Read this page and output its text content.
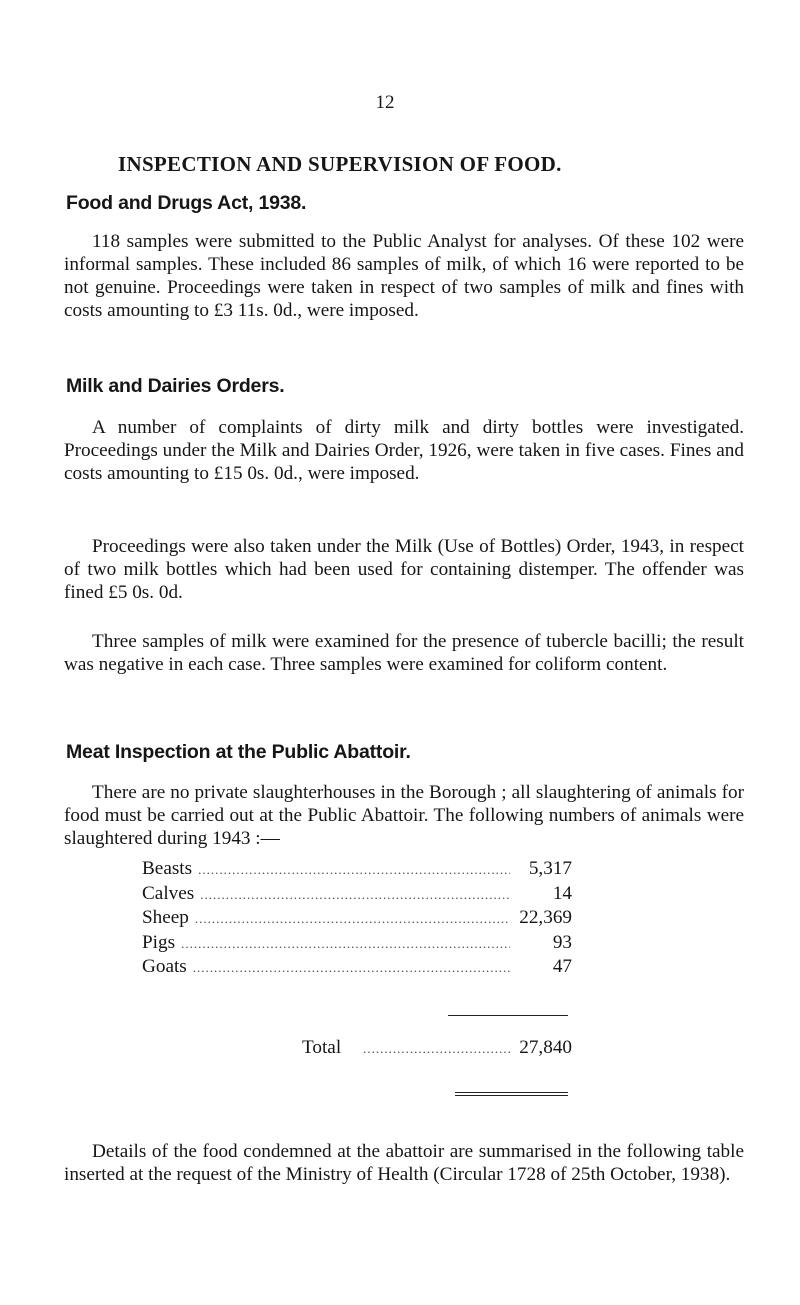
12
INSPECTION AND SUPERVISION OF FOOD.
Food and Drugs Act, 1938.

118 samples were submitted to the Public Analyst for analyses. Of these 102 were informal samples. These included 86 samples of milk, of which 16 were reported to be not genuine. Proceedings were taken in respect of two samples of milk and fines with costs amounting to £3 11s. 0d., were imposed.

Milk and Dairies Orders.

A number of complaints of dirty milk and dirty bottles were investigated. Proceedings under the Milk and Dairies Order, 1926, were taken in five cases. Fines and costs amounting to £15 0s. 0d., were imposed.

Proceedings were also taken under the Milk (Use of Bottles) Order, 1943, in respect of two milk bottles which had been used for containing distemper. The offender was fined £5 0s. 0d.

Three samples of milk were examined for the presence of tubercle bacilli; the result was negative in each case. Three samples were examined for coliform content.

Meat Inspection at the Public Abattoir.

There are no private slaughterhouses in the Borough ; all slaughtering of animals for food must be carried out at the Public Abattoir. The following numbers of animals were slaughtered during 1943 :—

Beasts .....	5,317
Calves .....	14
Sheep .....	22,369
Pigs .....	93
Goats .....	47
Total .....	27,840

Details of the food condemned at the abattoir are summarised in the following table inserted at the request of the Ministry of Health (Circular 1728 of 25th October, 1938).
